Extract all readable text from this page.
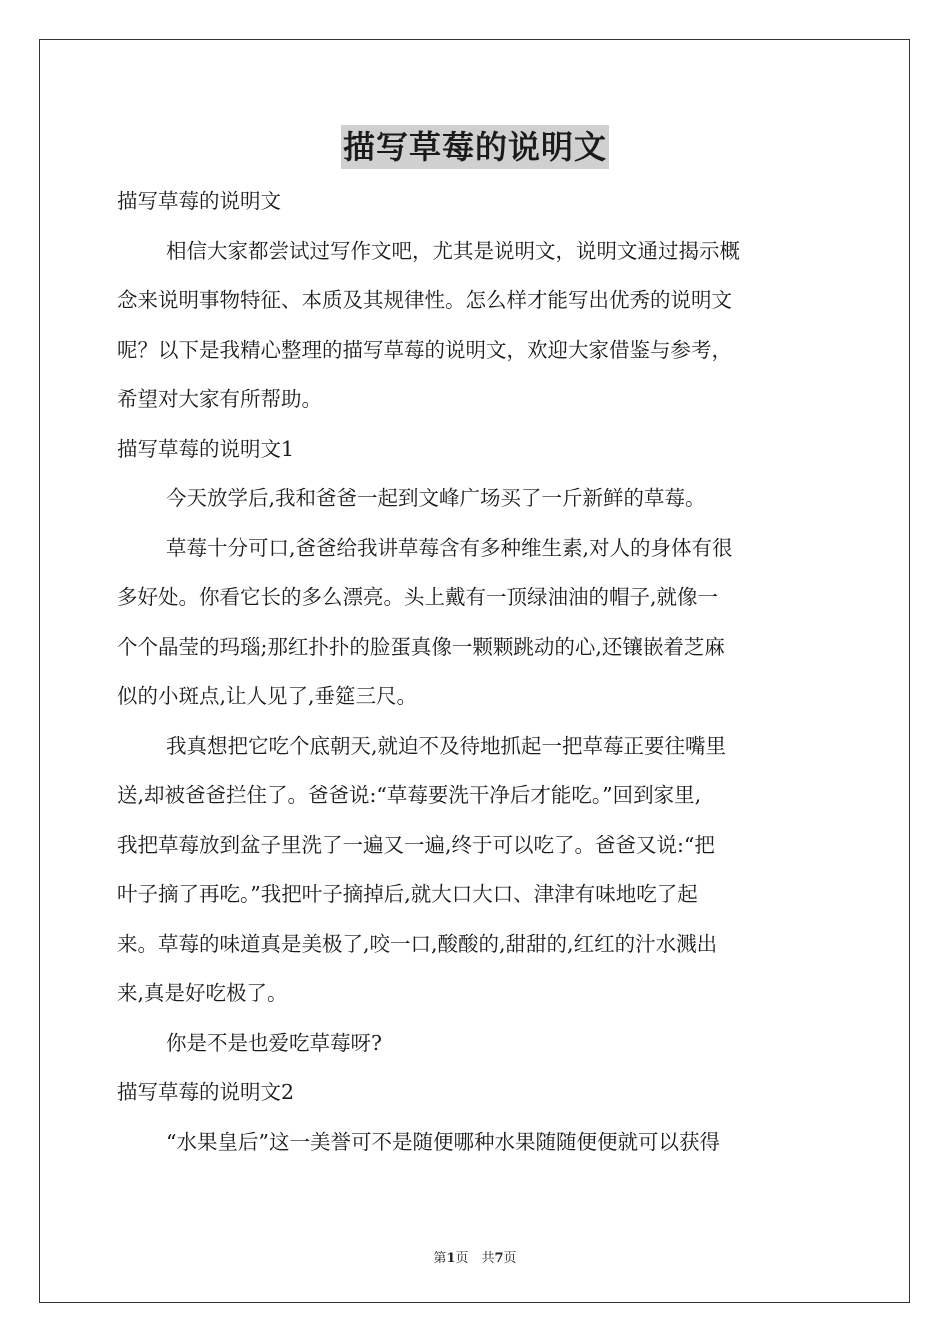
描写草莓的说明文
描写草莓的说明文
相信大家都尝试过写作文吧，尤其是说明文，说明文通过揭示概
念来说明事物特征、本质及其规律性。怎么样才能写出优秀的说明文
呢？以下是我精心整理的描写草莓的说明文，欢迎大家借鉴与参考，
希望对大家有所帮助。
描写草莓的说明文1
今天放学后,我和爸爸一起到文峰广场买了一斤新鲜的草莓。
草莓十分可口,爸爸给我讲草莓含有多种维生素,对人的身体有很
多好处。你看它长的多么漂亮。头上戴有一顶绿油油的帽子,就像一
个个晶莹的玛瑙;那红扑扑的脸蛋真像一颗颗跳动的心,还镶嵌着芝麻
似的小斑点,让人见了,垂筵三尺。
我真想把它吃个底朝天,就迫不及待地抓起一把草莓正要往嘴里
送,却被爸爸拦住了。爸爸说:“草莓要洗干净后才能吃。”回到家里,
我把草莓放到盆子里洗了一遍又一遍,终于可以吃了。爸爸又说:“把
叶子摘了再吃。”我把叶子摘掉后,就大口大口、津津有味地吃了起
来。草莓的味道真是美极了,咬一口,酸酸的,甜甜的,红红的汁水溅出
来,真是好吃极了。
你是不是也爱吃草莓呀?
描写草莓的说明文2
“水果皇后”这一美誉可不是随便哪种水果随随便便就可以获得
第1页　共7页
